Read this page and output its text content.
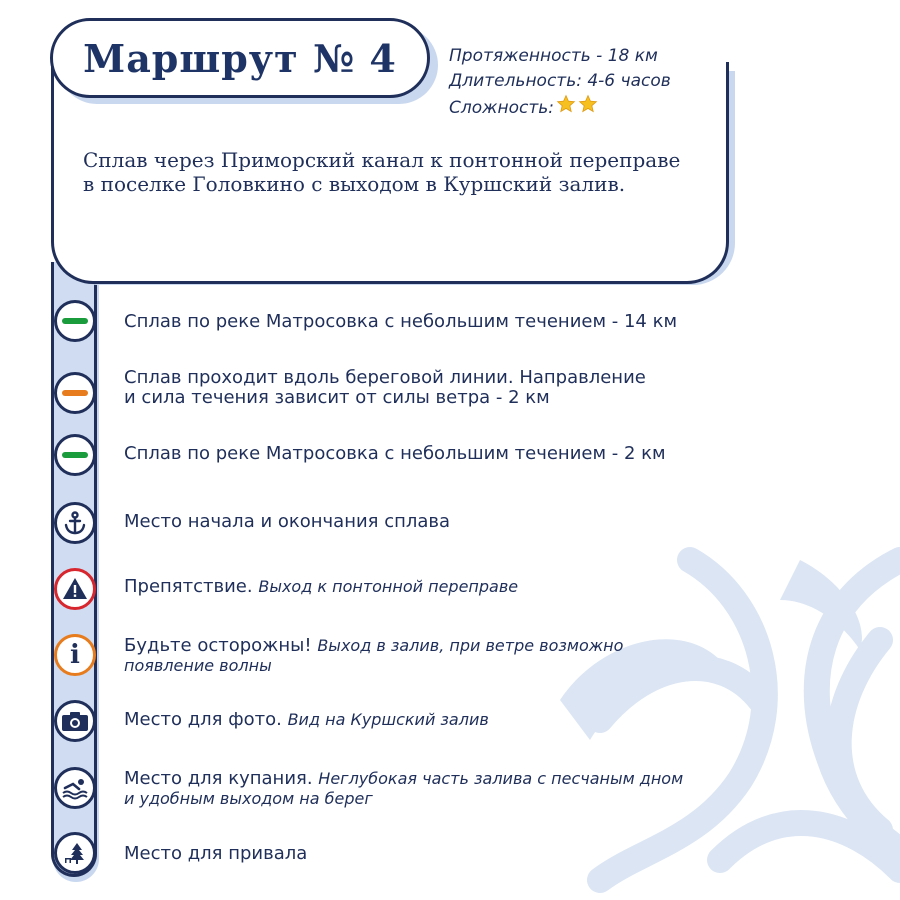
Маршрут № 4	Протяженность - 18 км
Длительность: 4-6 часов
Сложность:
Сплав через Приморский канал к понтонной переправе в поселке Головкино с выходом в Куршский залив.
Сплав по реке Матросовка с небольшим течением - 14 км
Сплав проходит вдоль береговой линии. Направление
и сила течения зависит от силы ветра - 2 км
Сплав по реке Матросовка с небольшим течением - 2 км
Место начала и окончания сплава
Препятствие. Выход к понтонной переправе
i Будьте осторожны! Выход в залив, при ветре возможно
появление волны
Место для фото. Вид на Куршский залив
Место для купания. Неглубокая часть залива с песчаным дном
и удобным выходом на берег
Место для привала
